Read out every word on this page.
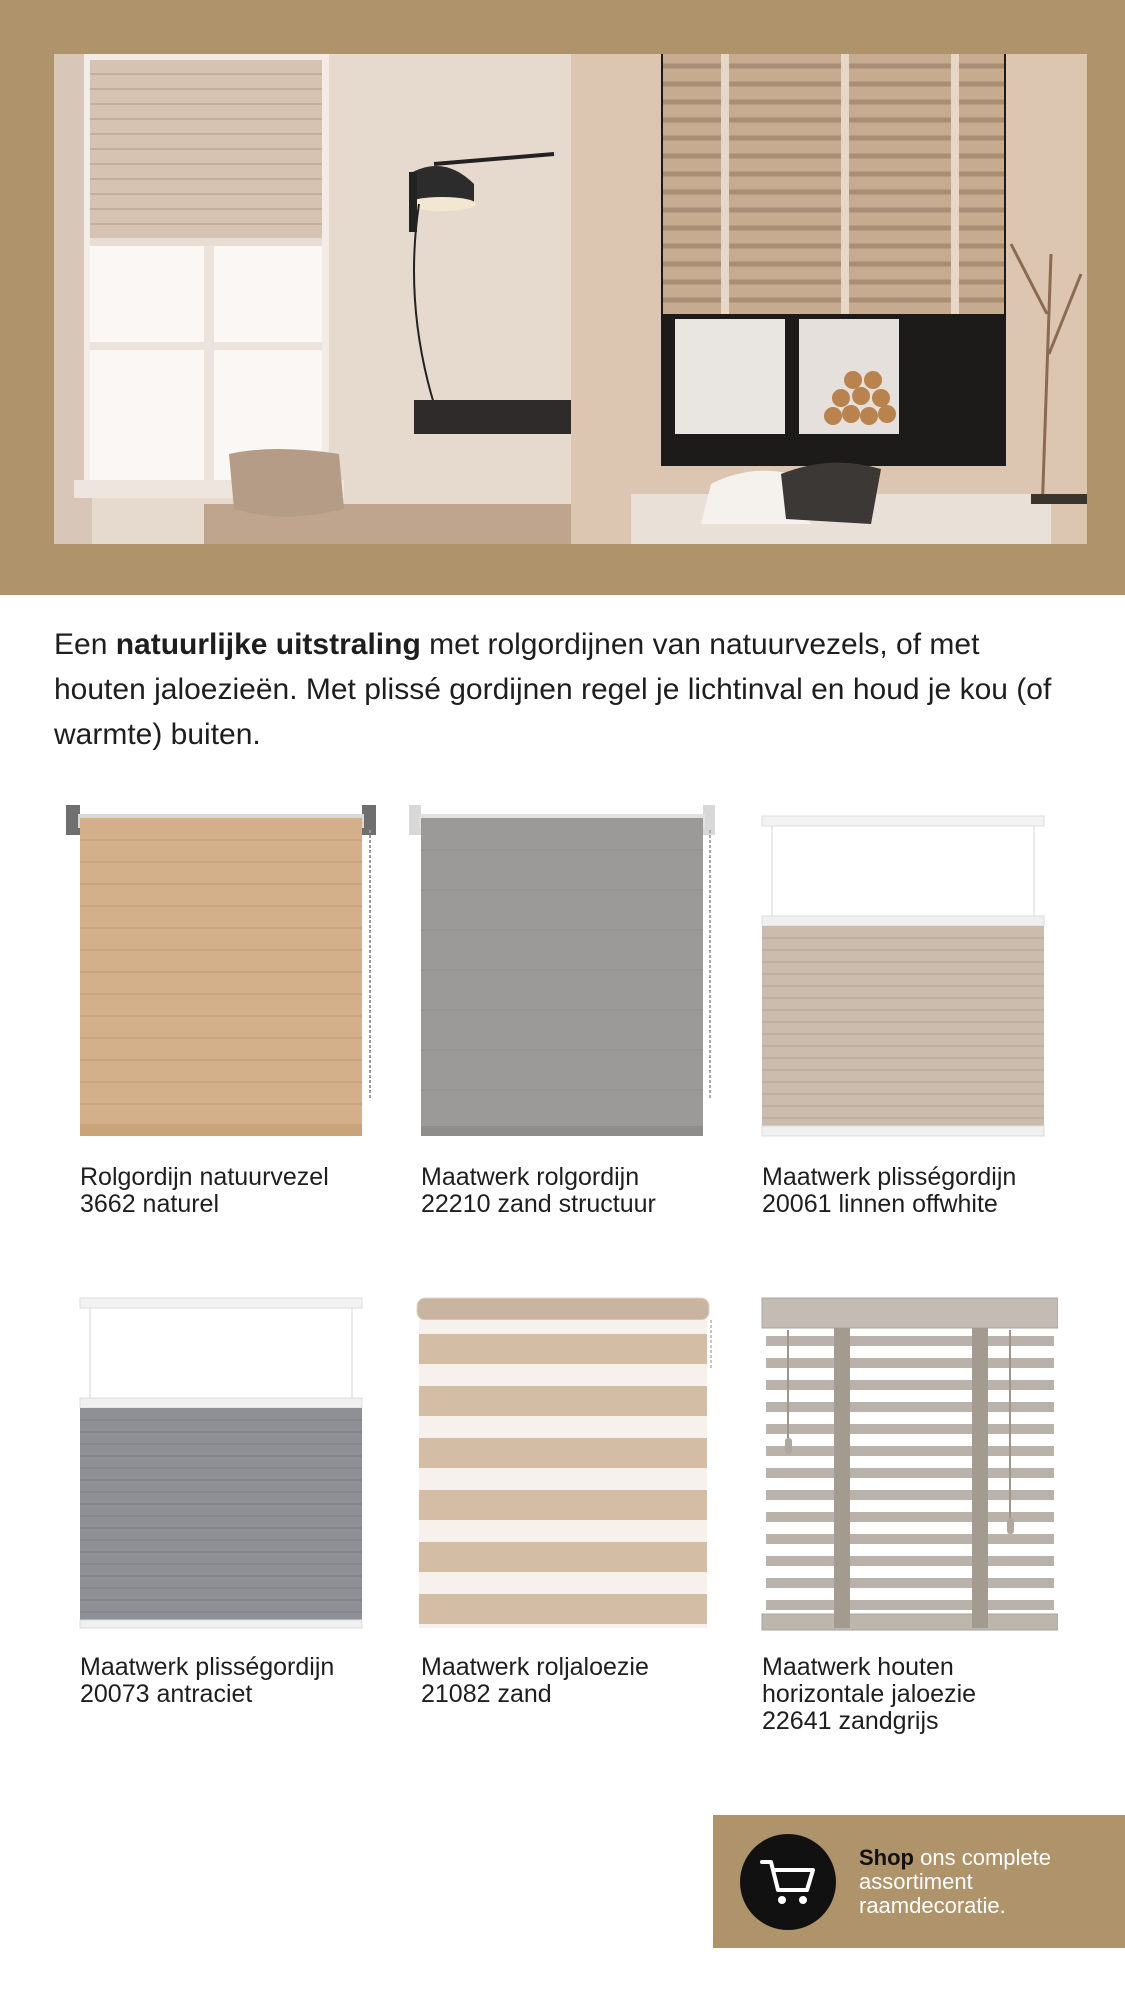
Een natuurlijke uitstraling met rolgordijnen van natuurvezels, of met houten jaloezieën. Met plissé gordijnen regel je lichtinval en houd je kou (of warmte) buiten.

Rolgordijn natuurvezel
3662 naturel
Maatwerk rolgordijn
22210 zand structuur
Maatwerk plisségordijn
20061 linnen offwhite
Maatwerk plisségordijn
20073 antraciet
Maatwerk roljaloezie
21082 zand
Maatwerk houten
horizontale jaloezie
22641 zandgrijs
Shop ons complete assortiment raamdecoratie.
